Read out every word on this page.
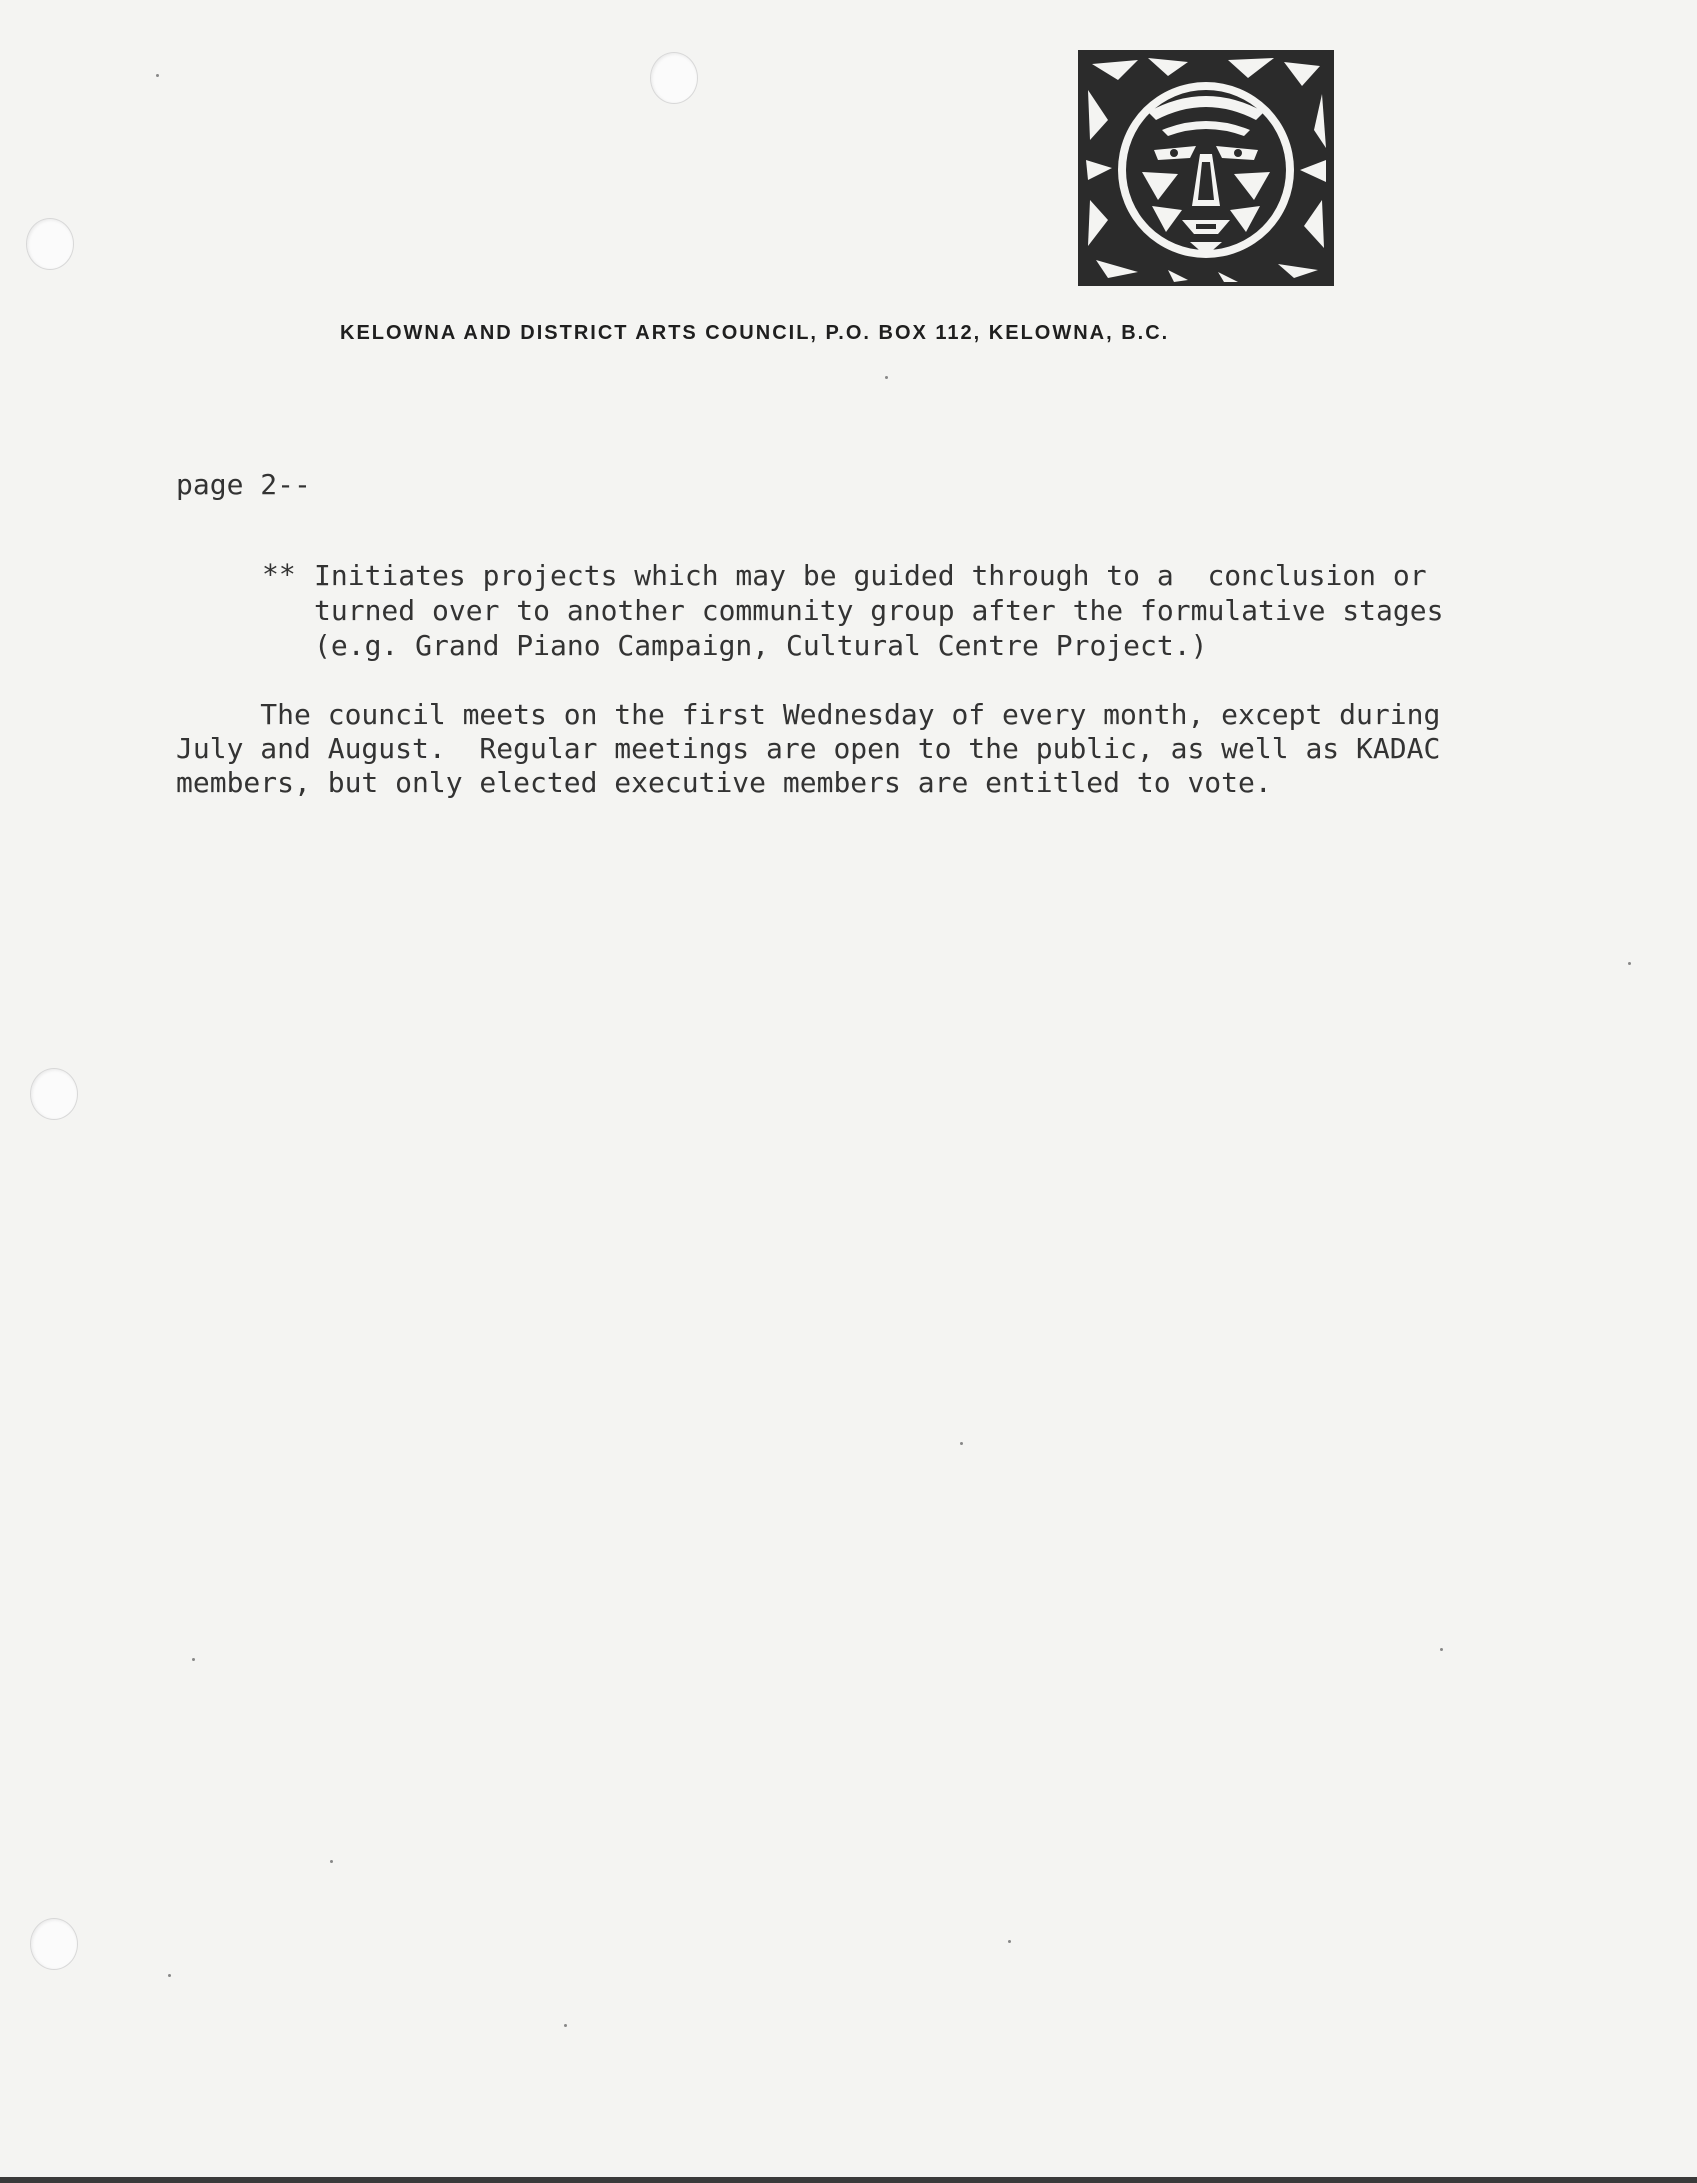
KELOWNA AND DISTRICT ARTS COUNCIL, P.O. BOX 112, KELOWNA, B.C.
page 2--
** Initiates projects which may be guided through to a  conclusion or
turned over to another community group after the formulative stages
(e.g. Grand Piano Campaign, Cultural Centre Project.)
The council meets on the first Wednesday of every month, except during
July and August.  Regular meetings are open to the public, as well as KADAC
members, but only elected executive members are entitled to vote.
